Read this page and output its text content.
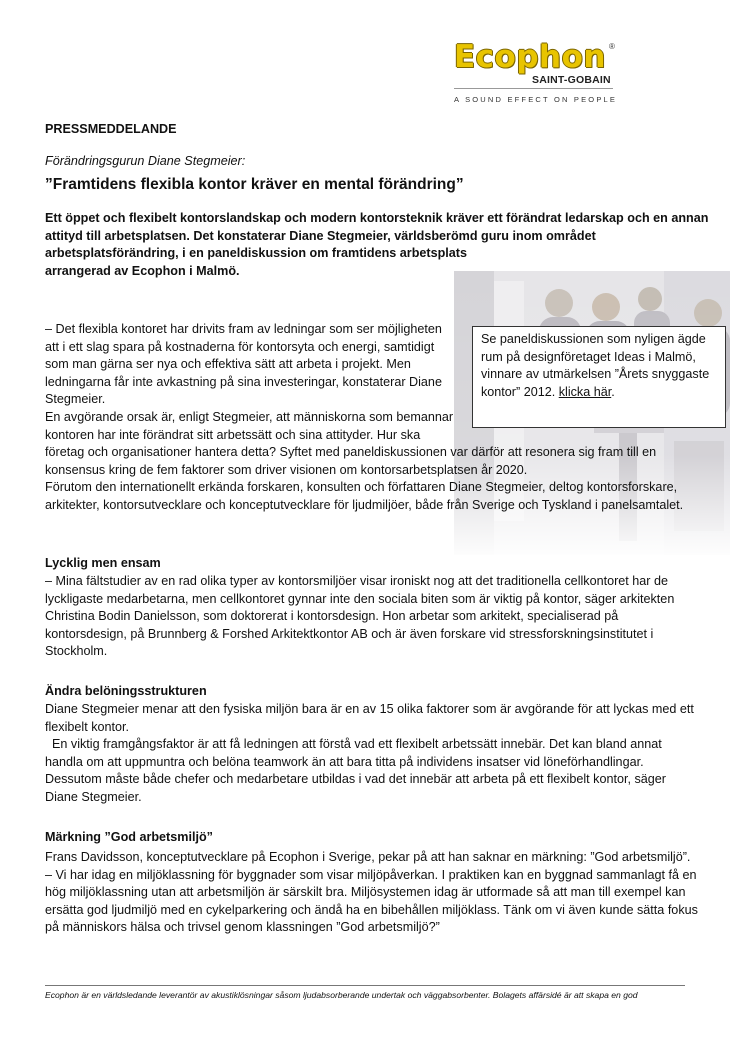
Ecophon ®
SAINT-GOBAIN
A SOUND EFFECT ON PEOPLE
PRESSMEDDELANDE
Förändringsgurun Diane Stegmeier:
”Framtidens flexibla kontor kräver en mental förändring”
Ett öppet och flexibelt kontorslandskap och modern kontorsteknik kräver ett förändrat ledarskap och en annan
attityd till arbetsplatsen. Det konstaterar Diane Stegmeier, världsberömd guru inom området
arbetsplatsförändring, i en paneldiskussion om framtidens arbetsplats
arrangerad av Ecophon i Malmö.
Se paneldiskussionen som nyligen ägde rum på designföretaget Ideas i Malmö, vinnare av utmärkelsen ”Årets snyggaste kontor” 2012. klicka här.
– Det flexibla kontoret har drivits fram av ledningar som ser möjligheten
att i ett slag spara på kostnaderna för kontorsyta och energi, samtidigt
som man gärna ser nya och effektiva sätt att arbeta i projekt. Men
ledningarna får inte avkastning på sina investeringar, konstaterar Diane
Stegmeier.
En avgörande orsak är, enligt Stegmeier, att människorna som bemannar
kontoren har inte förändrat sitt arbetssätt och sina attityder. Hur ska
företag och organisationer hantera detta? Syftet med paneldiskussionen var därför att resonera sig fram till en
konsensus kring de fem faktorer som driver visionen om kontorsarbetsplatsen år 2020.
Förutom den internationellt erkända forskaren, konsulten och författaren Diane Stegmeier, deltog kontorsforskare,
arkitekter, kontorsutvecklare och konceptutvecklare för ljudmiljöer, både från Sverige och Tyskland i panelsamtalet.
Lycklig men ensam
– Mina fältstudier av en rad olika typer av kontorsmiljöer visar ironiskt nog att det traditionella cellkontoret har de
lyckligaste medarbetarna, men cellkontoret gynnar inte den sociala biten som är viktig på kontor, säger arkitekten
Christina Bodin Danielsson, som doktorerat i kontorsdesign. Hon arbetar som arkitekt, specialiserad på
kontorsdesign, på Brunnberg & Forshed Arkitektkontor AB och är även forskare vid stressforskningsinstitutet i
Stockholm.
Ändra belöningsstrukturen
Diane Stegmeier menar att den fysiska miljön bara är en av 15 olika faktorer som är avgörande för att lyckas med ett
flexibelt kontor.
En viktig framgångsfaktor är att få ledningen att förstå vad ett flexibelt arbetssätt innebär. Det kan bland annat
handla om att uppmuntra och belöna teamwork än att bara titta på individens insatser vid löneförhandlingar.
Dessutom måste både chefer och medarbetare utbildas i vad det innebär att arbeta på ett flexibelt kontor, säger
Diane Stegmeier.
Märkning ”God arbetsmiljö”
Frans Davidsson, konceptutvecklare på Ecophon i Sverige, pekar på att han saknar en märkning: ”God arbetsmiljö”.
– Vi har idag en miljöklassning för byggnader som visar miljöpåverkan. I praktiken kan en byggnad sammanlagt få en
hög miljöklassning utan att arbetsmiljön är särskilt bra. Miljösystemen idag är utformade så att man till exempel kan
ersätta god ljudmiljö med en cykelparkering och ändå ha en bibehållen miljöklass. Tänk om vi även kunde sätta fokus
på människors hälsa och trivsel genom klassningen ”God arbetsmiljö?”
Ecophon är en världsledande leverantör av akustiklösningar såsom ljudabsorberande undertak och väggabsorbenter. Bolagets affärsidé är att skapa en god
